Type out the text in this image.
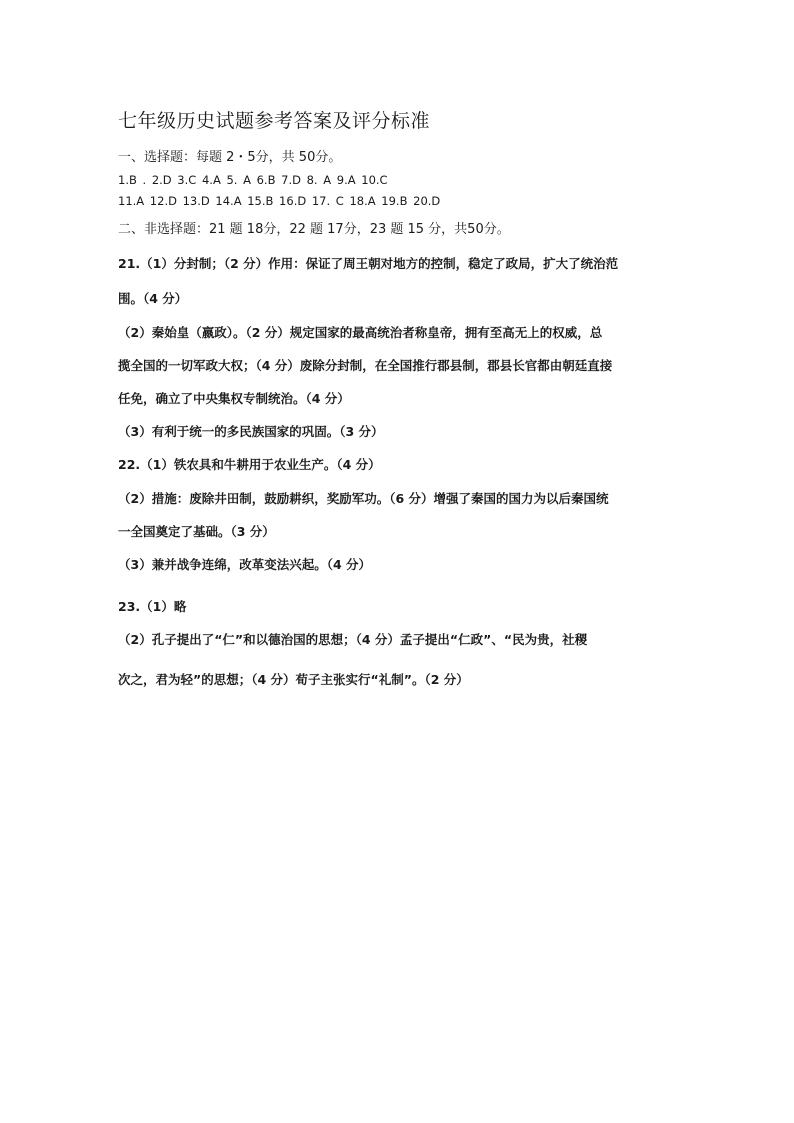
七年级历史试题参考答案及评分标准
一、选择题：每题 2・5分，共 50分。
1.B . 2.D 3.C 4.A 5. A 6.B 7.D 8. A 9.A 10.C
11.A 12.D 13.D 14.A 15.B 16.D 17. C 18.A 19.B 20.D
二、非选择题：21 题 18分，22 题 17分，23 题 15 分，共50分。
21.（1）分封制；（2 分）作用：保证了周王朝对地方的控制，稳定了政局，扩大了统治范
围。（4 分）
（2）秦始皇（嬴政）。（2 分）规定国家的最高统治者称皇帝，拥有至高无上的权威，总
揽全国的一切军政大权；（4 分）废除分封制，在全国推行郡县制，郡县长官都由朝廷直接
任免，确立了中央集权专制统治。（4 分）
（3）有利于统一的多民族国家的巩固。（3 分）
22.（1）铁农具和牛耕用于农业生产。（4 分）
（2）措施：废除井田制，鼓励耕织，奖励军功。（6 分）增强了秦国的国力为以后秦国统
一全国奠定了基础。（3 分）
（3）兼并战争连绵，改革变法兴起。（4 分）
23.（1）略
（2）孔子提出了“仁”和以德治国的思想；（4 分）孟子提出“仁政”、“民为贵，社稷
次之，君为轻”的思想；（4 分）荀子主张实行“礼制”。（2 分）
